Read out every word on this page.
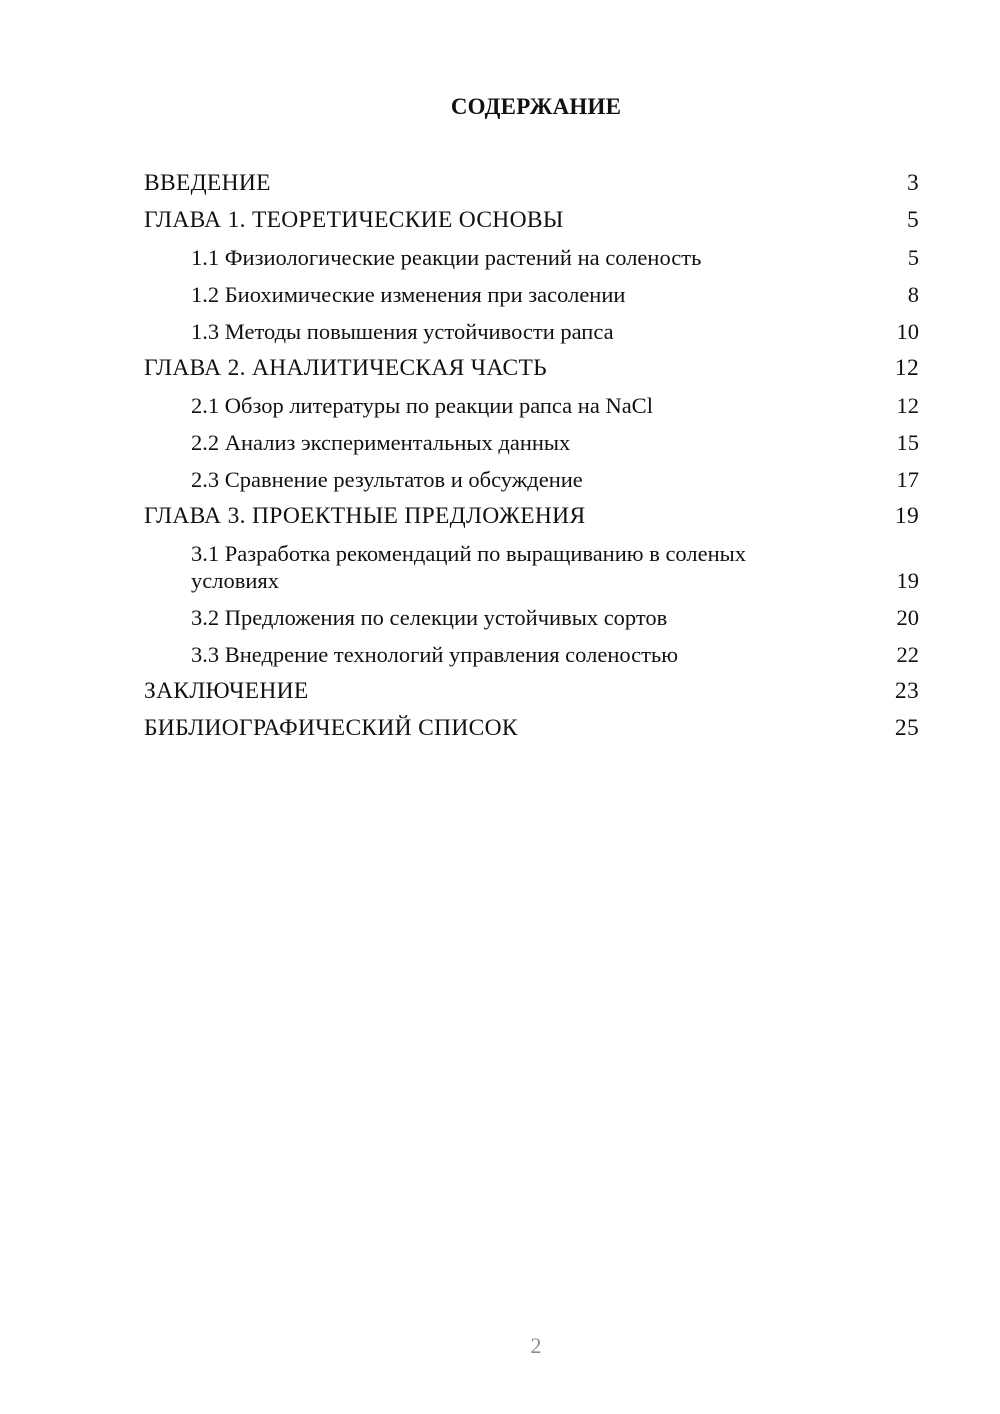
СОДЕРЖАНИЕ
ВВЕДЕНИЕ	3
ГЛАВА 1. ТЕОРЕТИЧЕСКИЕ ОСНОВЫ	5
1.1 Физиологические реакции растений на соленость	5
1.2 Биохимические изменения при засолении	8
1.3 Методы повышения устойчивости рапса	10
ГЛАВА 2. АНАЛИТИЧЕСКАЯ ЧАСТЬ	12
2.1 Обзор литературы по реакции рапса на NaCl	12
2.2 Анализ экспериментальных данных	15
2.3 Сравнение результатов и обсуждение	17
ГЛАВА 3. ПРОЕКТНЫЕ ПРЕДЛОЖЕНИЯ	19
3.1 Разработка рекомендаций по выращиванию в соленых условиях	19
3.2 Предложения по селекции устойчивых сортов	20
3.3 Внедрение технологий управления соленостью	22
ЗАКЛЮЧЕНИЕ	23
БИБЛИОГРАФИЧЕСКИЙ СПИСОК	25
2
